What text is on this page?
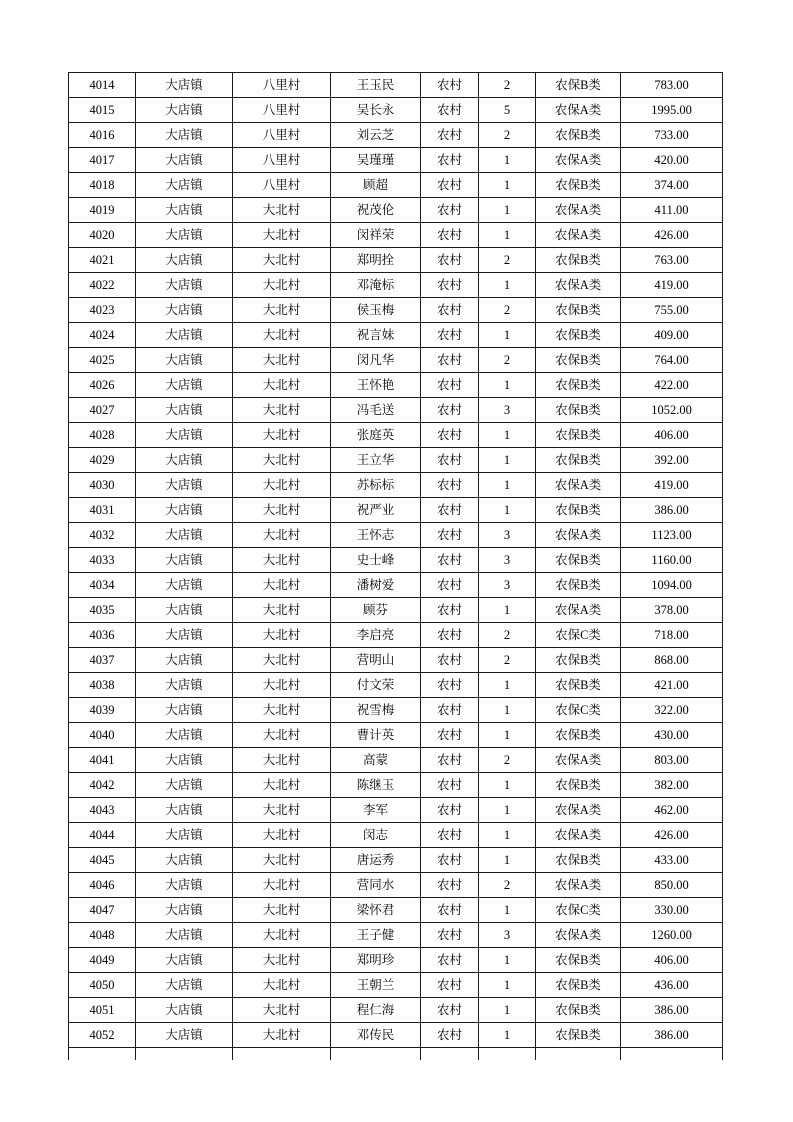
4014	大店镇	八里村	王玉民	农村	2	农保B类	783.00
4015	大店镇	八里村	吴长永	农村	5	农保A类	1995.00
4016	大店镇	八里村	刘云芝	农村	2	农保B类	733.00
4017	大店镇	八里村	吴瑾瑾	农村	1	农保A类	420.00
4018	大店镇	八里村	顾超	农村	1	农保B类	374.00
4019	大店镇	大北村	祝茂伦	农村	1	农保A类	411.00
4020	大店镇	大北村	闵祥荣	农村	1	农保A类	426.00
4021	大店镇	大北村	郑明拴	农村	2	农保B类	763.00
4022	大店镇	大北村	邓淹标	农村	1	农保A类	419.00
4023	大店镇	大北村	侯玉梅	农村	2	农保B类	755.00
4024	大店镇	大北村	祝言妹	农村	1	农保B类	409.00
4025	大店镇	大北村	闵凡华	农村	2	农保B类	764.00
4026	大店镇	大北村	王怀艳	农村	1	农保B类	422.00
4027	大店镇	大北村	冯毛送	农村	3	农保B类	1052.00
4028	大店镇	大北村	张庭英	农村	1	农保B类	406.00
4029	大店镇	大北村	王立华	农村	1	农保B类	392.00
4030	大店镇	大北村	苏标标	农村	1	农保A类	419.00
4031	大店镇	大北村	祝严业	农村	1	农保B类	386.00
4032	大店镇	大北村	王怀志	农村	3	农保A类	1123.00
4033	大店镇	大北村	史士峰	农村	3	农保B类	1160.00
4034	大店镇	大北村	潘树爱	农村	3	农保B类	1094.00
4035	大店镇	大北村	顾芬	农村	1	农保A类	378.00
4036	大店镇	大北村	李启亮	农村	2	农保C类	718.00
4037	大店镇	大北村	营明山	农村	2	农保B类	868.00
4038	大店镇	大北村	付文荣	农村	1	农保B类	421.00
4039	大店镇	大北村	祝雪梅	农村	1	农保C类	322.00
4040	大店镇	大北村	曹计英	农村	1	农保B类	430.00
4041	大店镇	大北村	高蒙	农村	2	农保A类	803.00
4042	大店镇	大北村	陈继玉	农村	1	农保B类	382.00
4043	大店镇	大北村	李军	农村	1	农保A类	462.00
4044	大店镇	大北村	闵志	农村	1	农保A类	426.00
4045	大店镇	大北村	唐运秀	农村	1	农保B类	433.00
4046	大店镇	大北村	营同水	农村	2	农保A类	850.00
4047	大店镇	大北村	梁怀君	农村	1	农保C类	330.00
4048	大店镇	大北村	王子健	农村	3	农保A类	1260.00
4049	大店镇	大北村	郑明珍	农村	1	农保B类	406.00
4050	大店镇	大北村	王朝兰	农村	1	农保B类	436.00
4051	大店镇	大北村	程仁海	农村	1	农保B类	386.00
4052	大店镇	大北村	邓传民	农村	1	农保B类	386.00
